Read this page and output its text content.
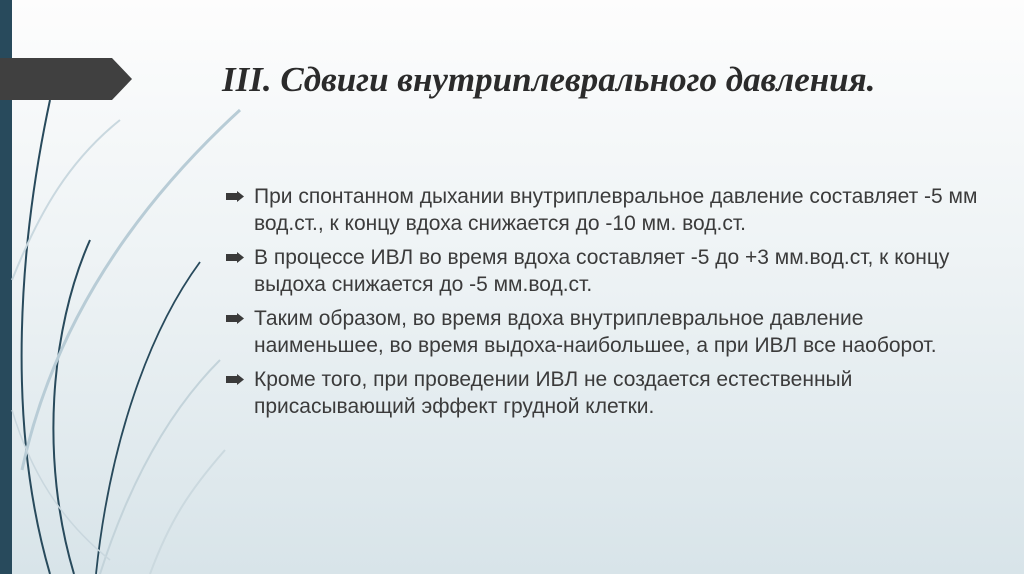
III. Сдвиги внутриплеврального давления.
При спонтанном дыхании внутриплевральное давление составляет -5 мм вод.ст., к концу вдоха снижается до -10 мм. вод.ст.
В процессе ИВЛ во время вдоха составляет -5 до +3 мм.вод.ст, к концу выдоха снижается до -5 мм.вод.ст.
Таким образом, во время вдоха внутриплевральное давление наименьшее, во время выдоха-наибольшее, а при ИВЛ все наоборот.
Кроме того, при проведении ИВЛ не создается естественный присасывающий эффект грудной клетки.
